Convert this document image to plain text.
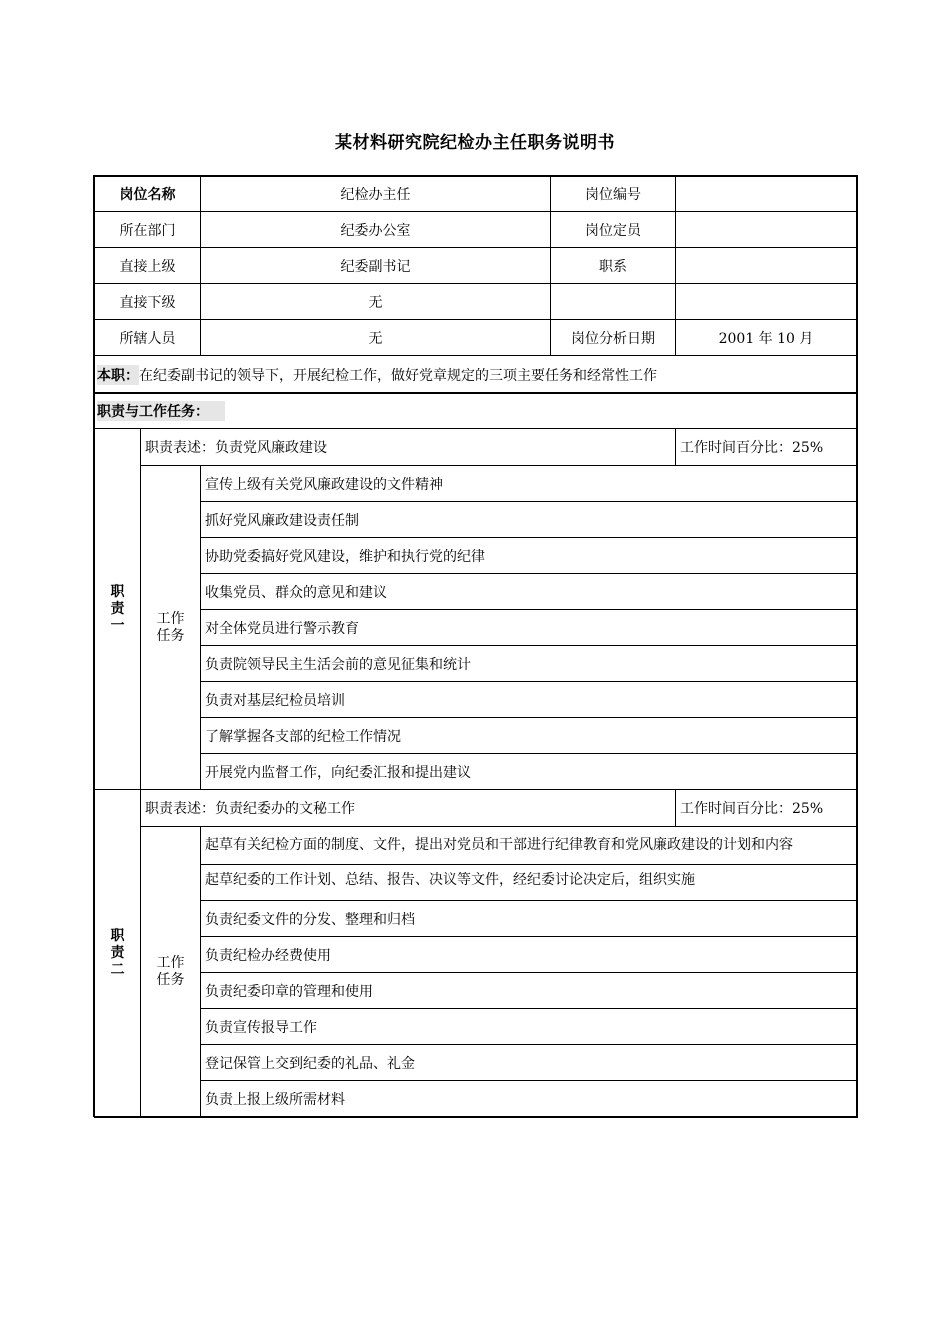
某材料研究院纪检办主任职务说明书
岗位名称	纪检办主任	岗位编号
所在部门	纪委办公室	岗位定员
直接上级	纪委副书记	职系
直接下级	无
所辖人员	无	岗位分析日期	2001 年 10 月
本职： 在纪委副书记的领导下，开展纪检工作，做好党章规定的三项主要任务和经常性工作
职责与工作任务：
职
责
一
职责表述：负责党风廉政建设	工作时间百分比：25%
工作
任务
宣传上级有关党风廉政建设的文件精神
抓好党风廉政建设责任制
协助党委搞好党风建设，维护和执行党的纪律
收集党员、群众的意见和建议
对全体党员进行警示教育
负责院领导民主生活会前的意见征集和统计
负责对基层纪检员培训
了解掌握各支部的纪检工作情况
开展党内监督工作，向纪委汇报和提出建议
职
责
二
职责表述：负责纪委办的文秘工作	工作时间百分比：25%
工作
任务
起草有关纪检方面的制度、文件，提出对党员和干部进行纪律教育和党风廉政建设的计划和内容
起草纪委的工作计划、总结、报告、决议等文件，经纪委讨论决定后，组织实施
负责纪委文件的分发、整理和归档
负责纪检办经费使用
负责纪委印章的管理和使用
负责宣传报导工作
登记保管上交到纪委的礼品、礼金
负责上报上级所需材料
